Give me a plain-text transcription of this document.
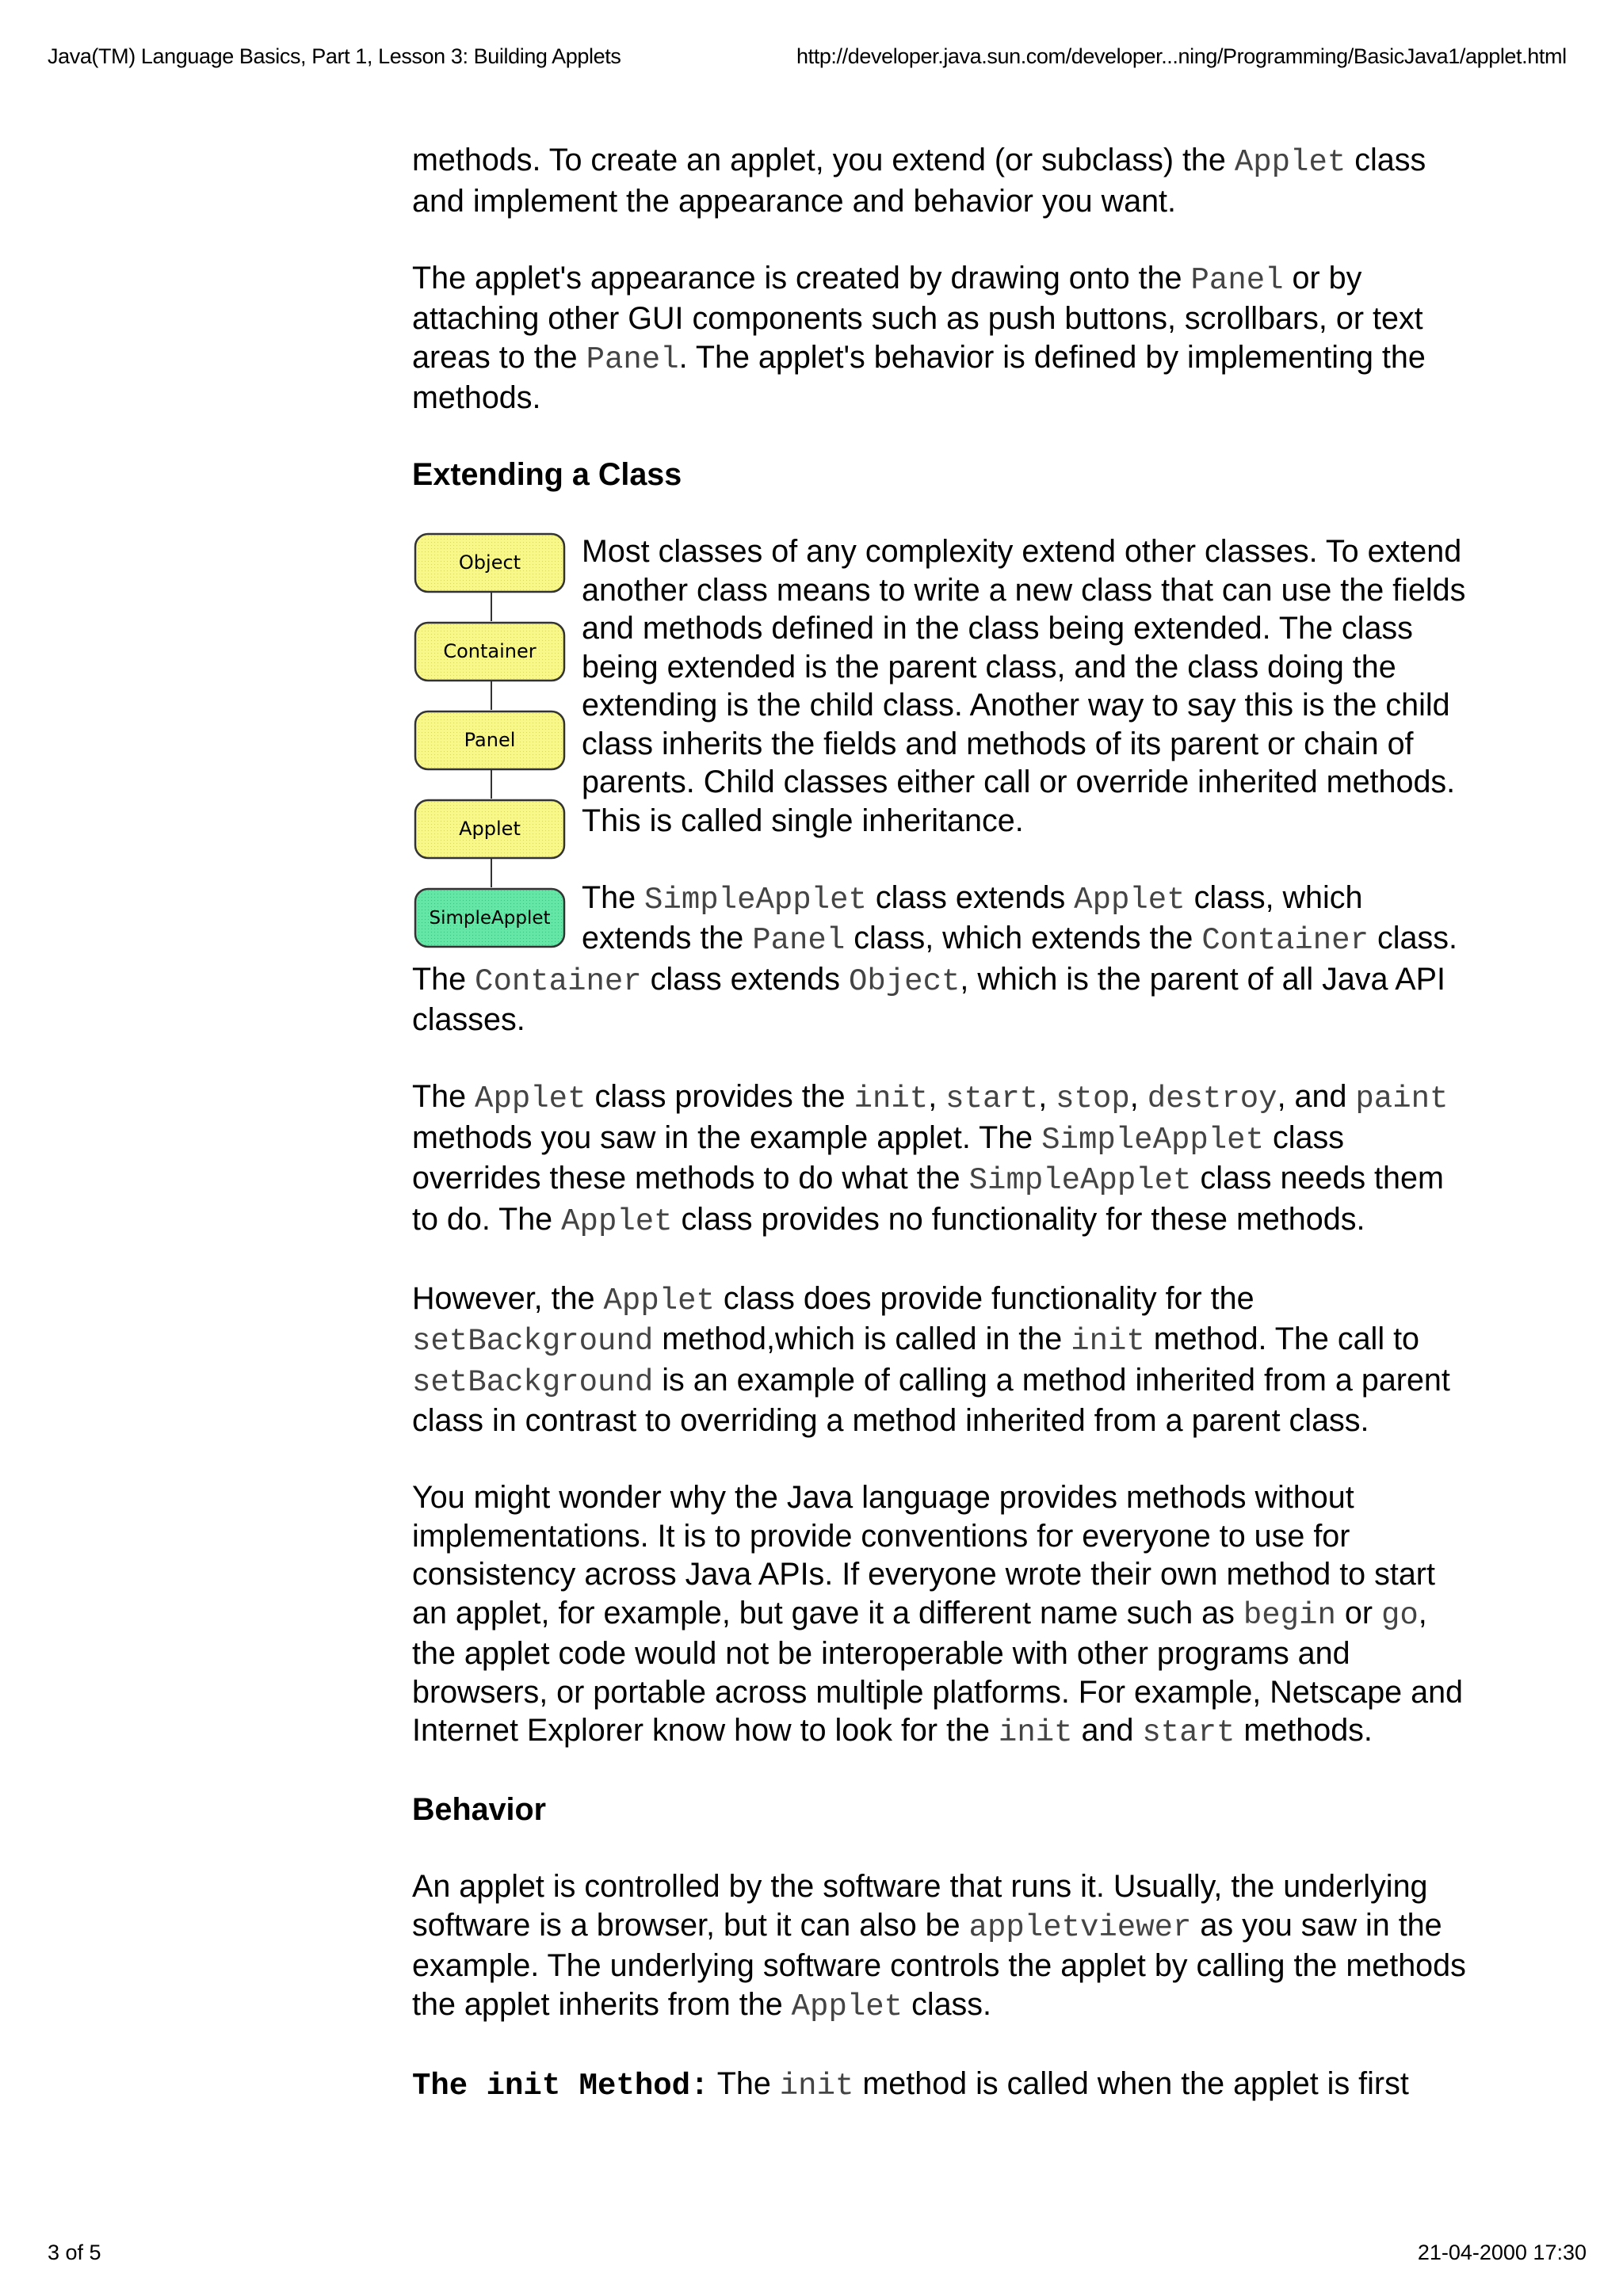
Java(TM) Language Basics, Part 1, Lesson 3: Building Applets	http://developer.java.sun.com/developer...ning/Programming/BasicJava1/applet.html

methods. To create an applet, you extend (or subclass) the Applet class and implement the appearance and behavior you want.

The applet's appearance is created by drawing onto the Panel or by attaching other GUI components such as push buttons, scrollbars, or text areas to the Panel. The applet's behavior is defined by implementing the methods.

Extending a Class
Object
Container
Panel
Applet
SimpleApplet

Most classes of any complexity extend other classes. To extend another class means to write a new class that can use the fields and methods defined in the class being extended. The class being extended is the parent class, and the class doing the extending is the child class. Another way to say this is the child class inherits the fields and methods of its parent or chain of parents. Child classes either call or override inherited methods. This is called single inheritance.

The SimpleApplet class extends Applet class, which extends the Panel class, which extends the Container class. The Container class extends Object, which is the parent of all Java API classes.

The Applet class provides the init, start, stop, destroy, and paint methods you saw in the example applet. The SimpleApplet class overrides these methods to do what the SimpleApplet class needs them to do. The Applet class provides no functionality for these methods.

However, the Applet class does provide functionality for the setBackground method,which is called in the init method. The call to setBackground is an example of calling a method inherited from a parent class in contrast to overriding a method inherited from a parent class.

You might wonder why the Java language provides methods without implementations. It is to provide conventions for everyone to use for consistency across Java APIs. If everyone wrote their own method to start an applet, for example, but gave it a different name such as begin or go, the applet code would not be interoperable with other programs and browsers, or portable across multiple platforms. For example, Netscape and Internet Explorer know how to look for the init and start methods.

Behavior

An applet is controlled by the software that runs it. Usually, the underlying software is a browser, but it can also be appletviewer as you saw in the example. The underlying software controls the applet by calling the methods the applet inherits from the Applet class.

The init Method: The init method is called when the applet is first

3 of 5	21-04-2000 17:30
